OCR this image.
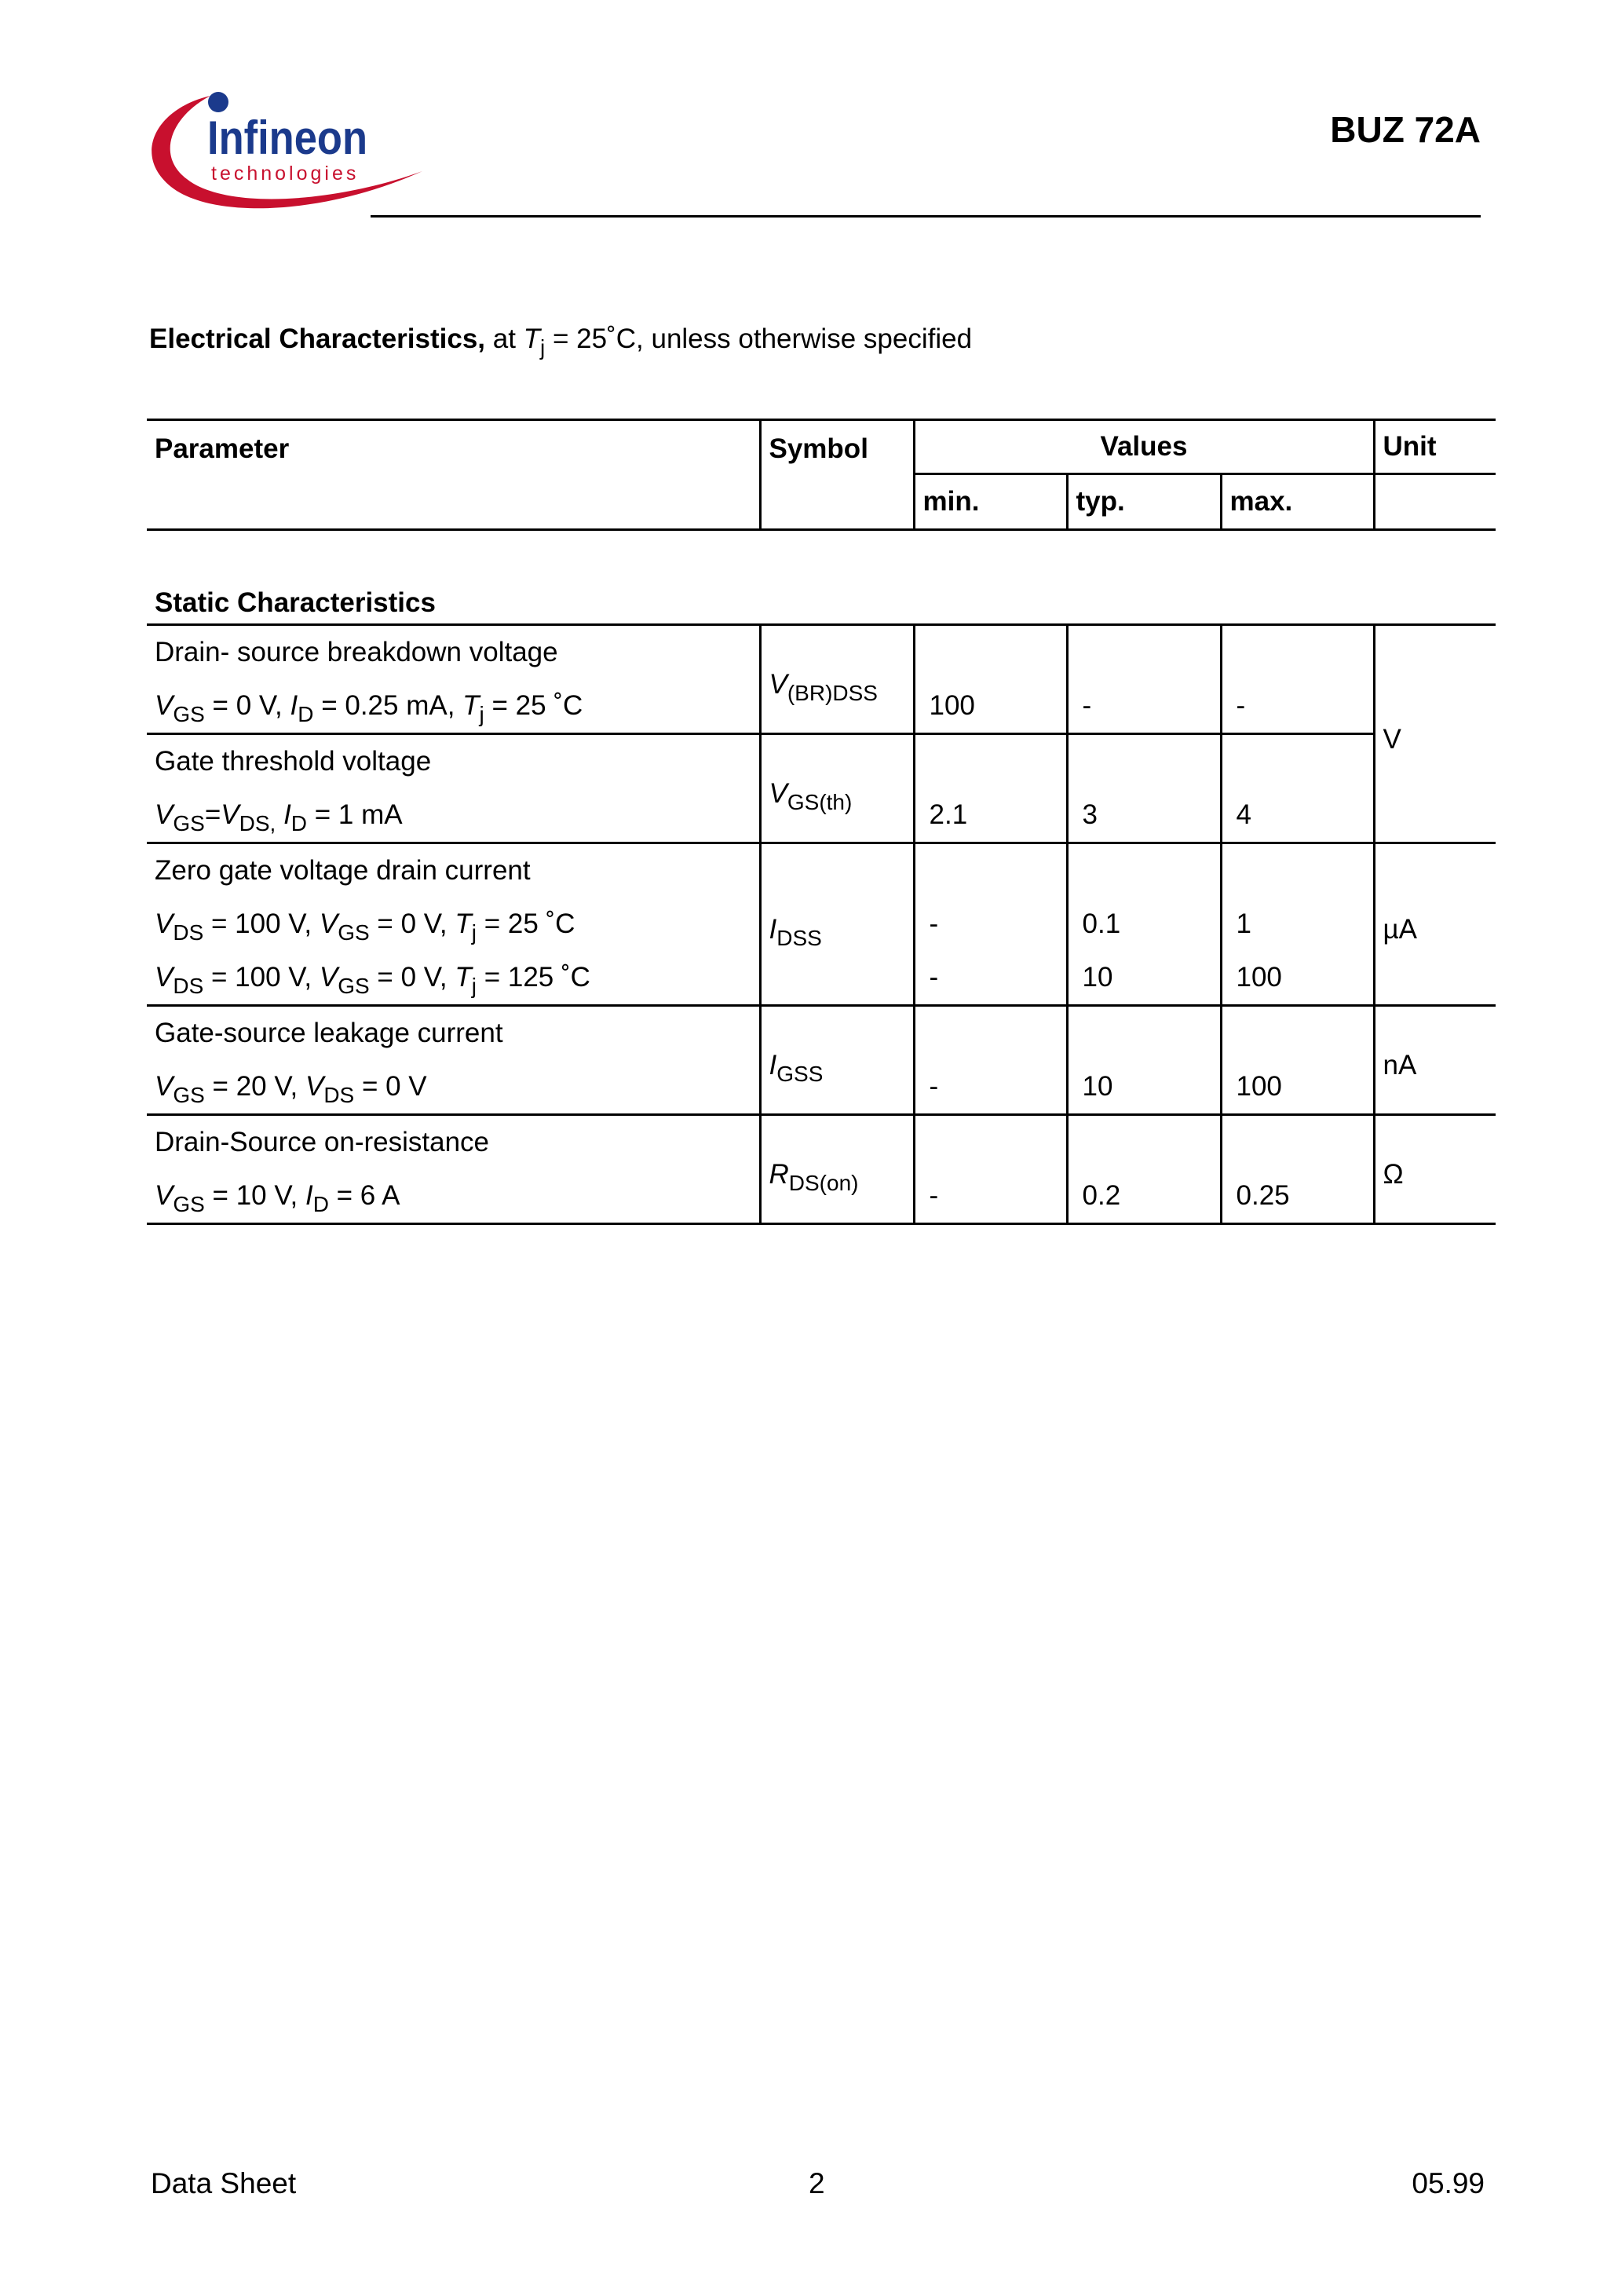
Infineon
technologies
BUZ 72A
Electrical Characteristics, at $T_j$ = 25˚C, unless otherwise specified
Parameter	Symbol	Values			Unit
		min.	typ.	max.	

Static Characteristics					
Drain- source breakdown voltage	$V_{(BR)DSS}$				V
$V_{GS} = 0$ V, $I_D = 0.25$ mA, $T_j = 25$ ˚C		100	-	-	
Gate threshold voltage	$V_{GS(th)}$			
$V_{GS}=V_{DS,}$ $I_D = 1$ mA		2.1	3	4	
Zero gate voltage drain current	$I_{DSS}$				µA
$V_{DS} = 100$ V, $V_{GS} = 0$ V, $T_j = 25$ ˚C		-	0.1	1	
$V_{DS} = 100$ V, $V_{GS} = 0$ V, $T_j = 125$ ˚C		-	10	100	
Gate-source leakage current	$I_{GSS}$				nA
$V_{GS} = 20$ V, $V_{DS} = 0$ V		-	10	100	
Drain-Source on-resistance	$R_{DS(on)}$				Ω
$V_{GS} = 10$ V, $I_D = 6$ A		-	0.2	0.25	
Data Sheet	2	05.99
